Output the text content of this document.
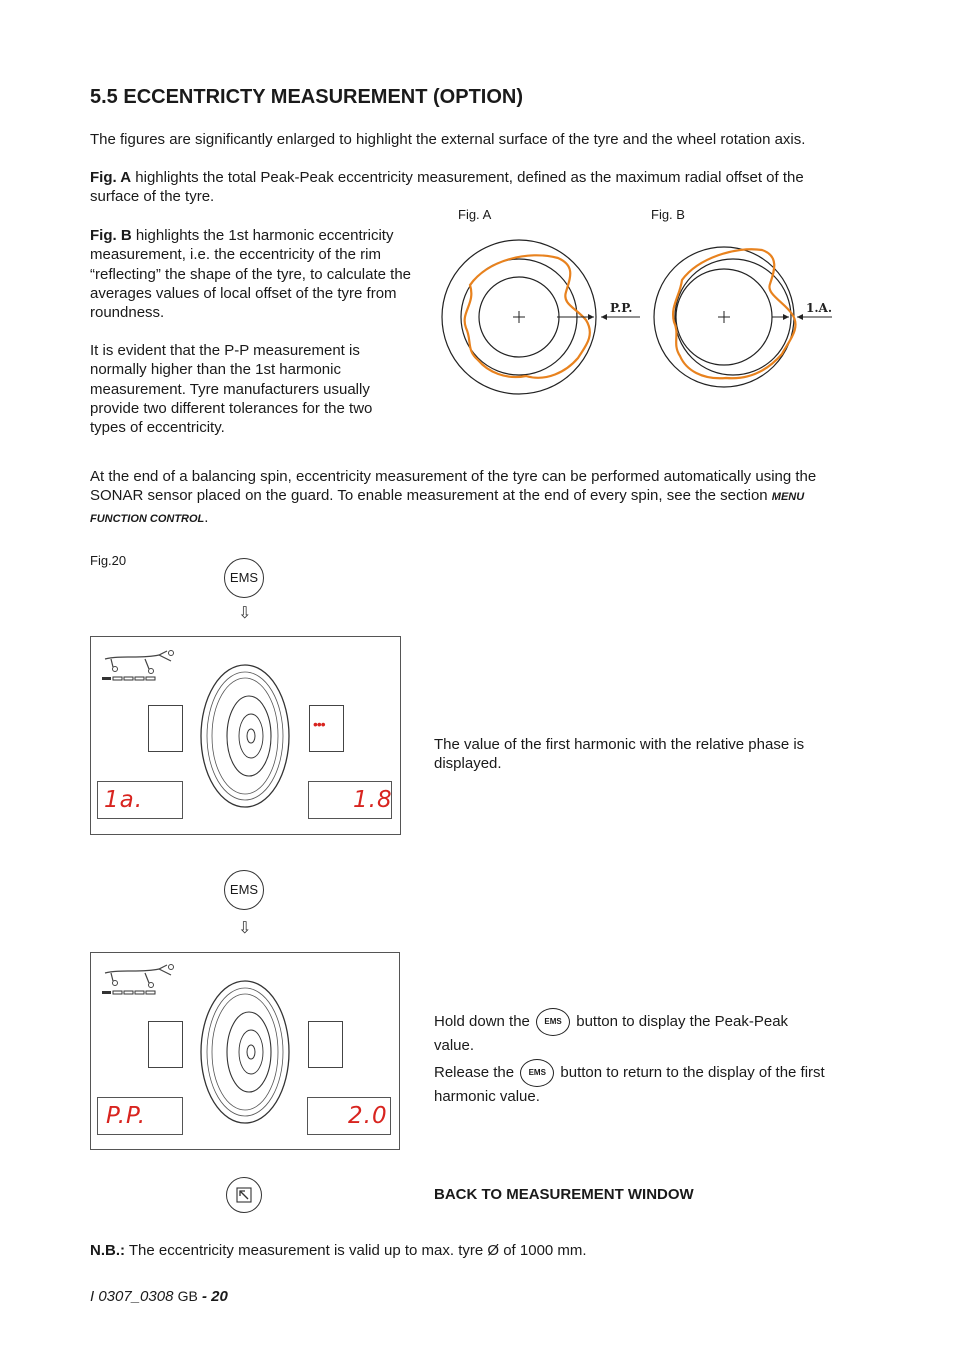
5.5 ECCENTRICTY MEASUREMENT (OPTION)
The figures are significantly enlarged to highlight the external surface of the tyre and the wheel rotation axis.
Fig. A highlights the total Peak-Peak eccentricity measurement, defined as the maximum radial offset of the surface of the tyre.
Fig. B highlights the 1st harmonic eccentricity measurement, i.e. the eccentricity of the rim “reflecting” the shape of the tyre, to calculate the averages values of local offset of the tyre from roundness.
It is evident that the P-P measurement is normally higher than the 1st harmonic measurement. Tyre manufacturers usually provide two different tolerances for the two types of eccentricity.
Fig. A	Fig. B
P.P.	1.A.
At the end of a balancing spin, eccentricity measurement of the tyre can be performed automatically using the SONAR sensor placed on the guard. To enable measurement at the end of every spin, see the section MENU FUNCTION CONTROL.
Fig.20
EMS
⇩
•••
1a.	1.8
The value of the first harmonic with the relative phase is displayed.
EMS
⇩
P.P.	2.0
Hold down the EMS button to display the Peak-Peak value.
Release the EMS button to return to the display of the first harmonic value.
BACK TO MEASUREMENT WINDOW
N.B.: The eccentricity measurement is valid up to max. tyre Ø of 1000 mm.
I 0307_0308 GB - 20
